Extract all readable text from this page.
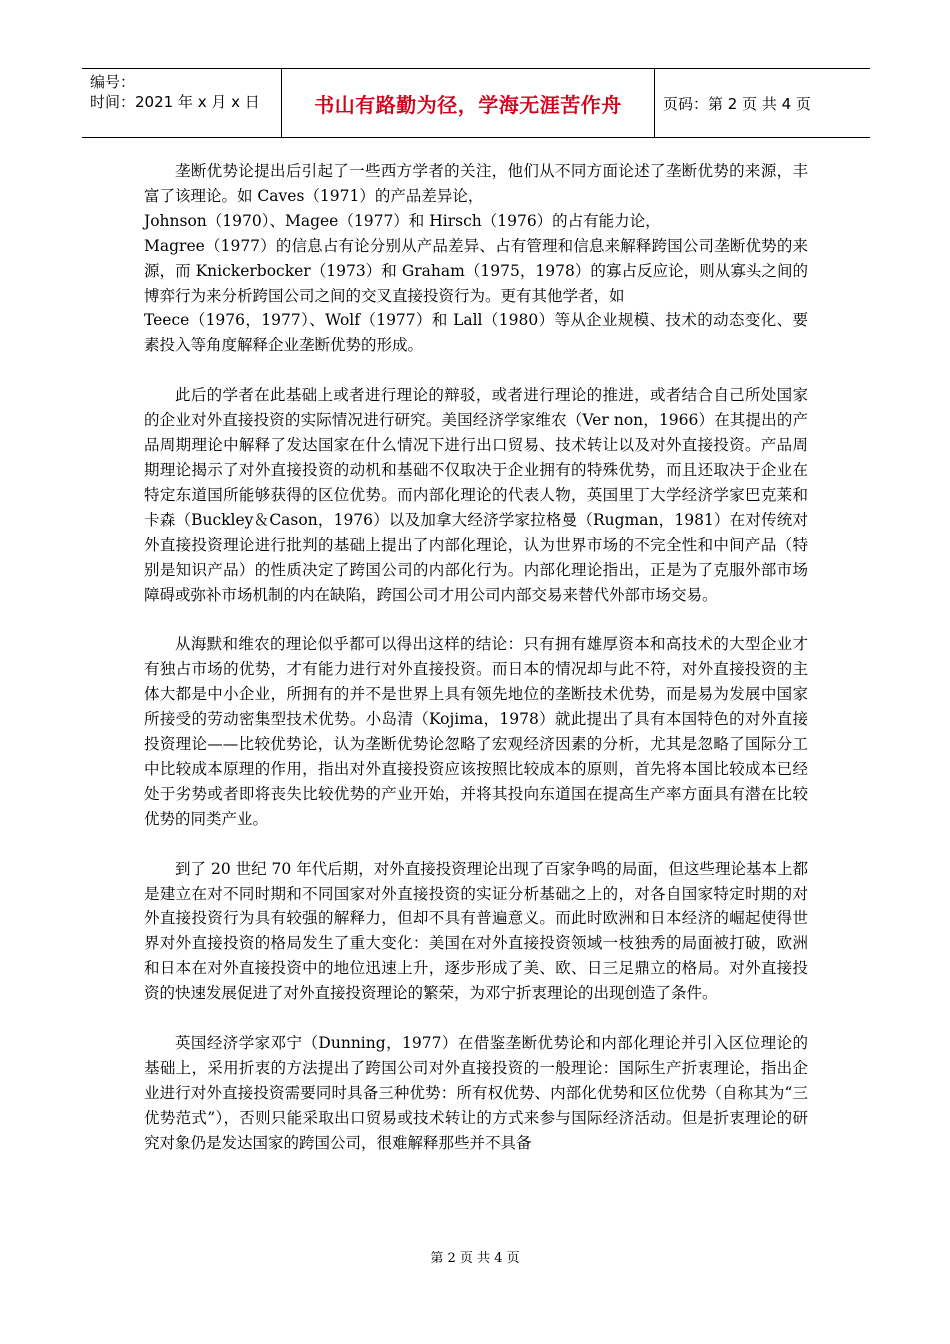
编号：
时间：2021 年 x 月 x 日	书山有路勤为径，学海无涯苦作舟	页码：第 2 页 共 4 页

垄断优势论提出后引起了一些西方学者的关注，他们从不同方面论述了垄断优势的来源，丰富了该理论。如 Caves（1971）的产品差异论，
Johnson（1970）、Magee（1977）和 Hirsch（1976）的占有能力论，
Magree（1977）的信息占有论分别从产品差异、占有管理和信息来解释跨国公司垄断优势的来源，而 Knickerbocker（1973）和 Graham（1975，1978）的寡占反应论，则从寡头之间的博弈行为来分析跨国公司之间的交叉直接投资行为。更有其他学者，如
Teece（1976，1977）、Wolf（1977）和 Lall（1980）等从企业规模、技术的动态变化、要素投入等角度解释企业垄断优势的形成。

此后的学者在此基础上或者进行理论的辩驳，或者进行理论的推进，或者结合自己所处国家的企业对外直接投资的实际情况进行研究。美国经济学家维农（Ver non，1966）在其提出的产品周期理论中解释了发达国家在什么情况下进行出口贸易、技术转让以及对外直接投资。产品周期理论揭示了对外直接投资的动机和基础不仅取决于企业拥有的特殊优势，而且还取决于企业在特定东道国所能够获得的区位优势。而内部化理论的代表人物，英国里丁大学经济学家巴克莱和卡森（Buckley＆Cason，1976）以及加拿大经济学家拉格曼（Rugman，1981）在对传统对外直接投资理论进行批判的基础上提出了内部化理论，认为世界市场的不完全性和中间产品（特别是知识产品）的性质决定了跨国公司的内部化行为。内部化理论指出，正是为了克服外部市场障碍或弥补市场机制的内在缺陷，跨国公司才用公司内部交易来替代外部市场交易。

从海默和维农的理论似乎都可以得出这样的结论：只有拥有雄厚资本和高技术的大型企业才有独占市场的优势，才有能力进行对外直接投资。而日本的情况却与此不符，对外直接投资的主体大都是中小企业，所拥有的并不是世界上具有领先地位的垄断技术优势，而是易为发展中国家所接受的劳动密集型技术优势。小岛清（Kojima，1978）就此提出了具有本国特色的对外直接投资理论——比较优势论，认为垄断优势论忽略了宏观经济因素的分析，尤其是忽略了国际分工中比较成本原理的作用，指出对外直接投资应该按照比较成本的原则，首先将本国比较成本已经处于劣势或者即将丧失比较优势的产业开始，并将其投向东道国在提高生产率方面具有潜在比较优势的同类产业。

到了 20 世纪 70 年代后期，对外直接投资理论出现了百家争鸣的局面，但这些理论基本上都是建立在对不同时期和不同国家对外直接投资的实证分析基础之上的，对各自国家特定时期的对外直接投资行为具有较强的解释力，但却不具有普遍意义。而此时欧洲和日本经济的崛起使得世界对外直接投资的格局发生了重大变化：美国在对外直接投资领域一枝独秀的局面被打破，欧洲和日本在对外直接投资中的地位迅速上升，逐步形成了美、欧、日三足鼎立的格局。对外直接投资的快速发展促进了对外直接投资理论的繁荣，为邓宁折衷理论的出现创造了条件。

英国经济学家邓宁（Dunning，1977）在借鉴垄断优势论和内部化理论并引入区位理论的基础上，采用折衷的方法提出了跨国公司对外直接投资的一般理论：国际生产折衷理论，指出企业进行对外直接投资需要同时具备三种优势：所有权优势、内部化优势和区位优势（自称其为“三优势范式”），否则只能采取出口贸易或技术转让的方式来参与国际经济活动。但是折衷理论的研究对象仍是发达国家的跨国公司，很难解释那些并不具备

第 2 页 共 4 页
